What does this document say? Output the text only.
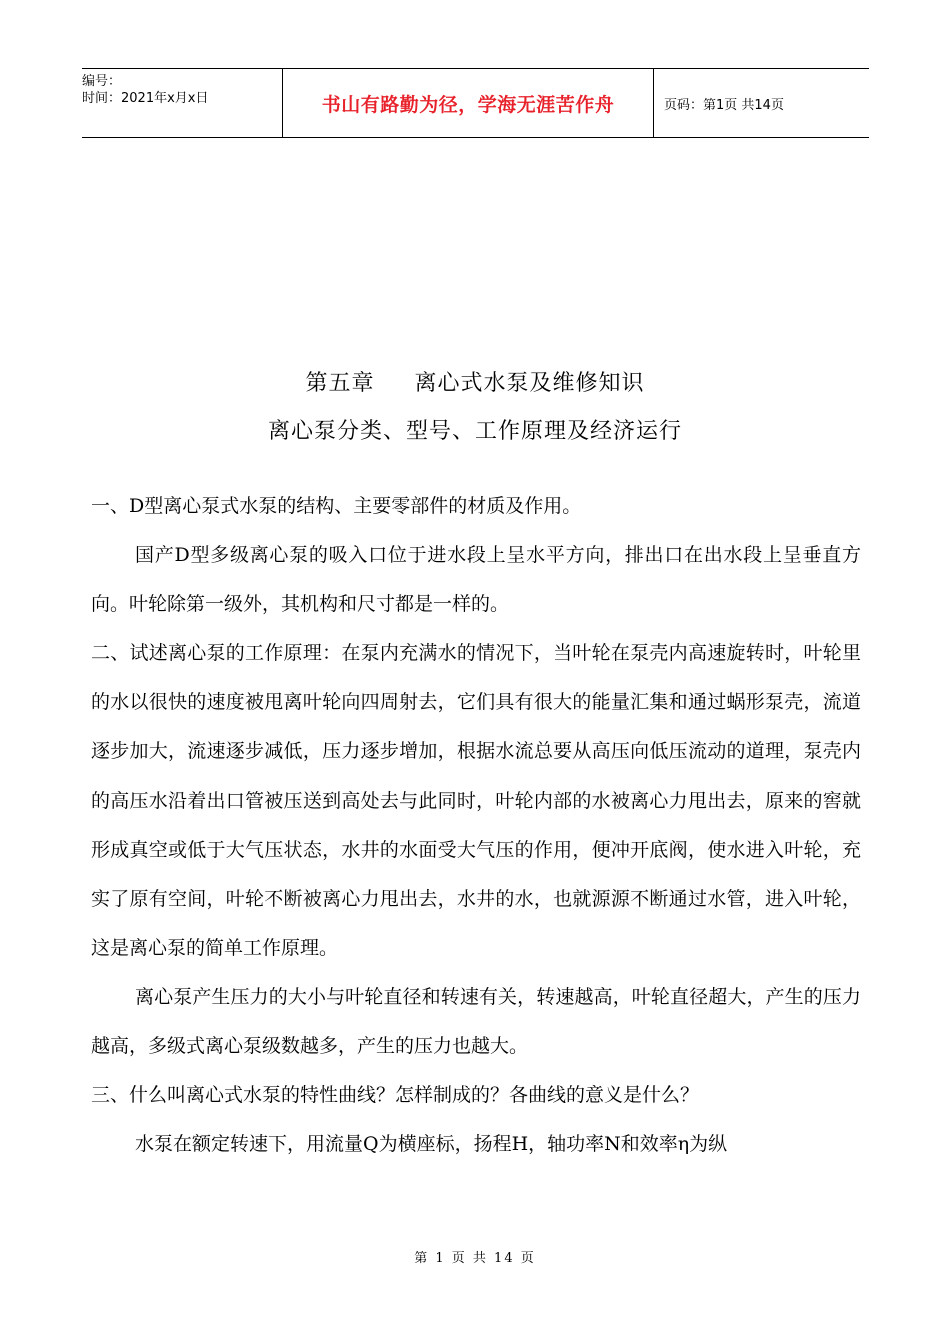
编号：
时间：2021年x月x日	书山有路勤为径，学海无涯苦作舟	页码：第1页 共14页
第五章 离心式水泵及维修知识
离心泵分类、型号、工作原理及经济运行

一、D型离心泵式水泵的结构、主要零部件的材质及作用。

国产D型多级离心泵的吸入口位于进水段上呈水平方向，排出口在出水段上呈垂直方向。叶轮除第一级外，其机构和尺寸都是一样的。

二、试述离心泵的工作原理：在泵内充满水的情况下，当叶轮在泵壳内高速旋转时，叶轮里的水以很快的速度被甩离叶轮向四周射去，它们具有很大的能量汇集和通过蜗形泵壳，流道逐步加大，流速逐步减低，压力逐步增加，根据水流总要从高压向低压流动的道理，泵壳内的高压水沿着出口管被压送到高处去与此同时，叶轮内部的水被离心力甩出去，原来的窖就形成真空或低于大气压状态，水井的水面受大气压的作用，便冲开底阀，使水进入叶轮，充实了原有空间，叶轮不断被离心力甩出去，水井的水，也就源源不断通过水管，进入叶轮，这是离心泵的简单工作原理。

离心泵产生压力的大小与叶轮直径和转速有关，转速越高，叶轮直径超大，产生的压力越高，多级式离心泵级数越多，产生的压力也越大。

三、什么叫离心式水泵的特性曲线？怎样制成的？各曲线的意义是什么？

水泵在额定转速下，用流量Q为横座标，扬程H，轴功率N和效率η为纵

第 1 页 共 14 页
